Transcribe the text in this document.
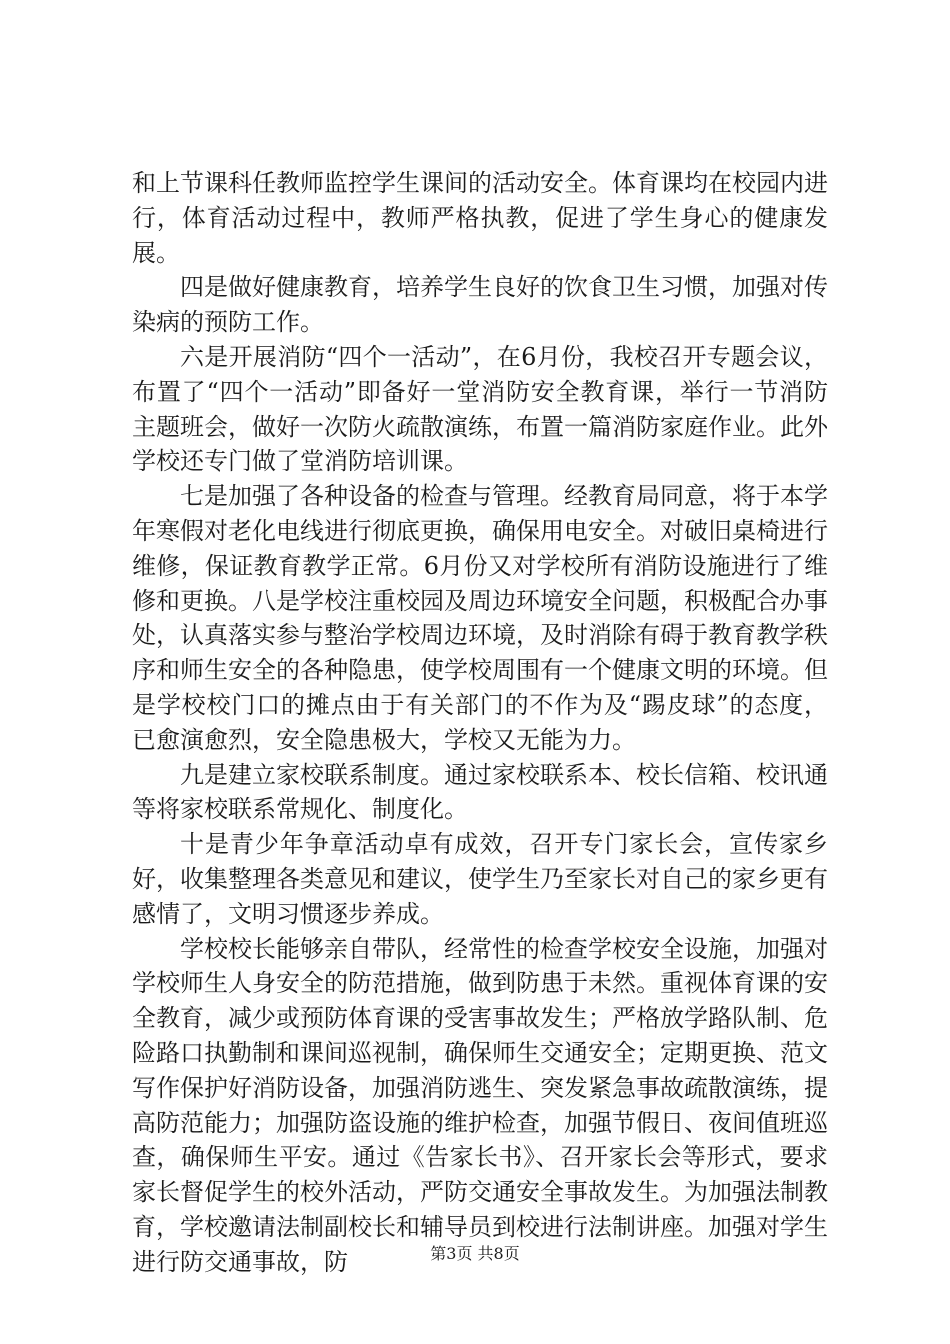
和上节课科任教师监控学生课间的活动安全。体育课均在校园内进行，体育活动过程中，教师严格执教，促进了学生身心的健康发展。

四是做好健康教育，培养学生良好的饮食卫生习惯，加强对传染病的预防工作。

六是开展消防“四个一活动”，在6月份，我校召开专题会议，布置了“四个一活动”即备好一堂消防安全教育课，举行一节消防主题班会，做好一次防火疏散演练，布置一篇消防家庭作业。此外学校还专门做了堂消防培训课。

七是加强了各种设备的检查与管理。经教育局同意，将于本学年寒假对老化电线进行彻底更换，确保用电安全。对破旧桌椅进行维修，保证教育教学正常。6月份又对学校所有消防设施进行了维修和更换。八是学校注重校园及周边环境安全问题，积极配合办事处，认真落实参与整治学校周边环境，及时消除有碍于教育教学秩序和师生安全的各种隐患，使学校周围有一个健康文明的环境。但是学校校门口的摊点由于有关部门的不作为及“踢皮球”的态度，已愈演愈烈，安全隐患极大，学校又无能为力。

九是建立家校联系制度。通过家校联系本、校长信箱、校讯通等将家校联系常规化、制度化。

十是青少年争章活动卓有成效，召开专门家长会，宣传家乡好，收集整理各类意见和建议，使学生乃至家长对自己的家乡更有感情了，文明习惯逐步养成。

学校校长能够亲自带队，经常性的检查学校安全设施，加强对学校师生人身安全的防范措施，做到防患于未然。重视体育课的安全教育，减少或预防体育课的受害事故发生；严格放学路队制、危险路口执勤制和课间巡视制，确保师生交通安全；定期更换、范文写作保护好消防设备，加强消防逃生、突发紧急事故疏散演练，提高防范能力；加强防盗设施的维护检查，加强节假日、夜间值班巡查，确保师生平安。通过《告家长书》、召开家长会等形式，要求家长督促学生的校外活动，严防交通安全事故发生。为加强法制教育，学校邀请法制副校长和辅导员到校进行法制讲座。加强对学生进行防交通事故，防	第3页 共8页
